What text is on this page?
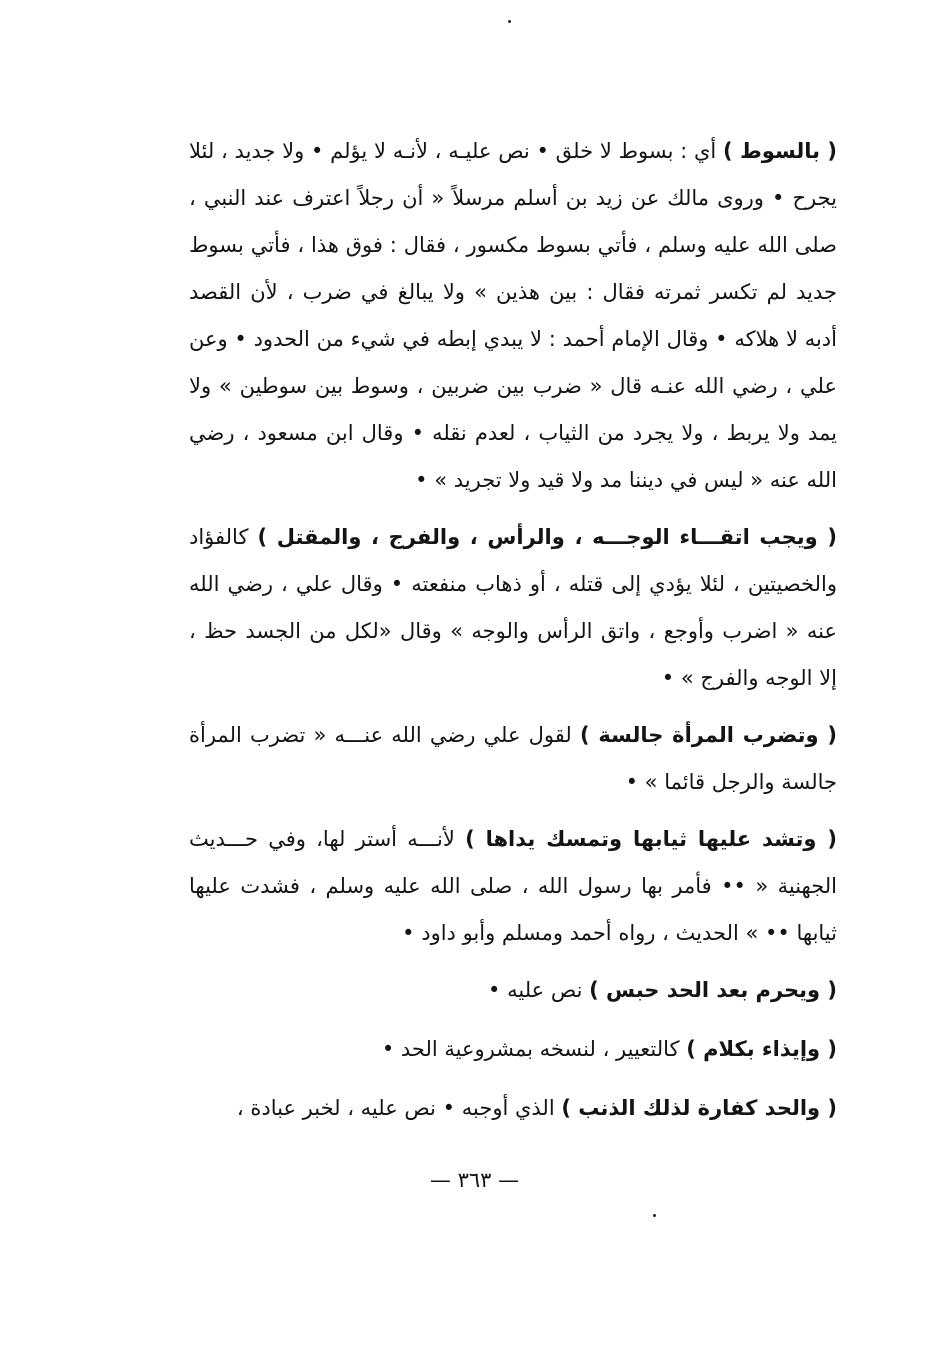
( بالسوط ) أي : بسوط لا خلق • نص عليـه ، لأنـه لا يؤلم • ولا جديد ، لئلا يجرح • وروى مالك عن زيد بن أسلم مرسلاً « أن رجلاً اعترف عند النبي ، صلى الله عليه وسلم ، فأتي بسوط مكسور ، فقال : فوق هذا ، فأتي بسوط جديد لم تكسر ثمرته فقال : بين هذين » ولا يبالغ في ضرب ، لأن القصد أدبه لا هلاكه • وقال الإمام أحمد : لا يبدي إبطه في شيء من الحدود • وعن علي ، رضي الله عنـه قال « ضرب بين ضربين ، وسوط بين سوطين » ولا يمد ولا يربط ، ولا يجرد من الثياب ، لعدم نقله • وقال ابن مسعود ، رضي الله عنه « ليس في ديننا مد ولا قيد ولا تجريد » •

( ويجب اتقـــاء الوجـــه ، والرأس ، والفرج ، والمقتل ) كالفؤاد والخصيتين ، لئلا يؤدي إلى قتله ، أو ذهاب منفعته • وقال علي ، رضي الله عنه « اضرب وأوجع ، واتق الرأس والوجه » وقال «لكل من الجسد حظ ، إلا الوجه والفرج » •

( وتضرب المرأة جالسة ) لقول علي رضي الله عنـــه « تضرب المرأة جالسة والرجل قائما » •

( وتشد عليها ثيابها وتمسك يداها ) لأنـــه أستر لها، وفي حـــديث الجهنية « •• فأمر بها رسول الله ، صلى الله عليه وسلم ، فشدت عليها ثيابها •• » الحديث ، رواه أحمد ومسلم وأبو داود •

( ويحرم بعد الحد حبس ) نص عليه •

( وإيذاء بكلام ) كالتعيير ، لنسخه بمشروعية الحد •

( والحد كفارة لذلك الذنب ) الذي أوجبه • نص عليه ، لخبر عبادة ،

— ٣٦٣ —
